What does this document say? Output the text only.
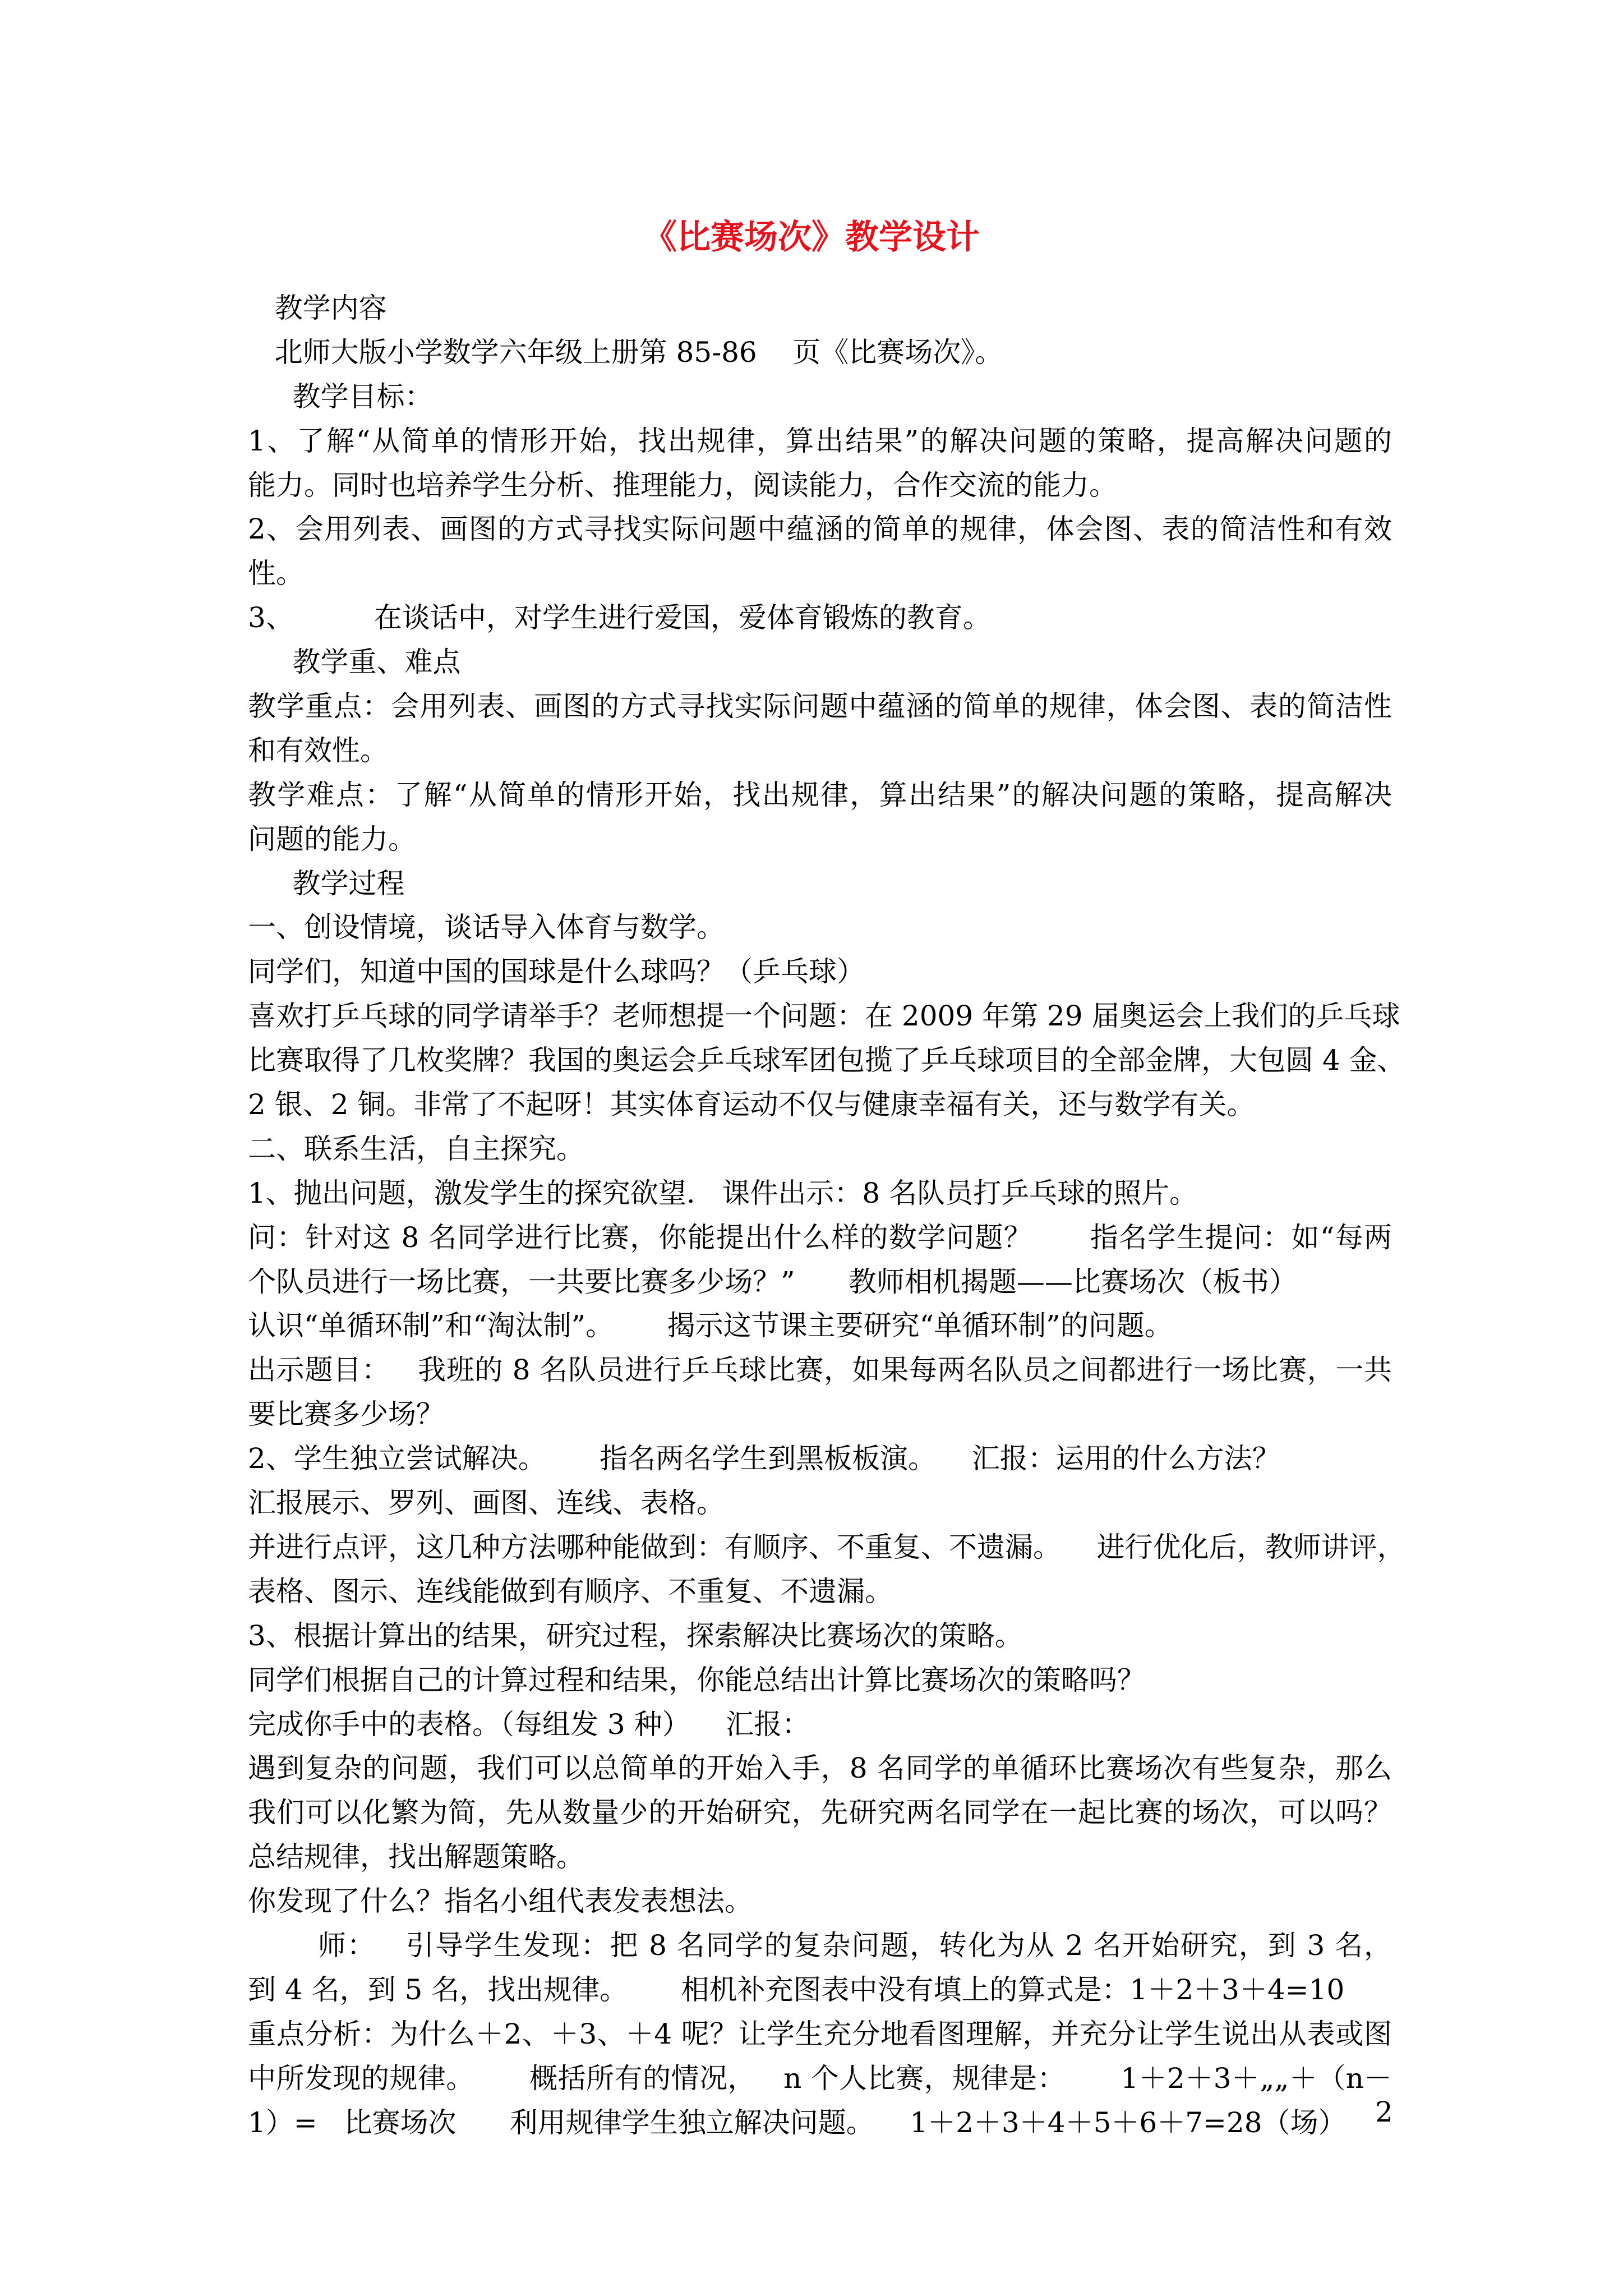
《比赛场次》教学设计
教学内容
北师大版小学数学六年级上册第 85-86    页《比赛场次》。
教学目标：
1、了解“从简单的情形开始，找出规律，算出结果”的解决问题的策略，提高解决问题的
能力。同时也培养学生分析、推理能力，阅读能力，合作交流的能力。
2、会用列表、画图的方式寻找实际问题中蕴涵的简单的规律，体会图、表的简洁性和有效
性。
3、         在谈话中，对学生进行爱国，爱体育锻炼的教育。
教学重、难点
教学重点：会用列表、画图的方式寻找实际问题中蕴涵的简单的规律，体会图、表的简洁性
和有效性。
教学难点：了解“从简单的情形开始，找出规律，算出结果”的解决问题的策略，提高解决
问题的能力。
教学过程
一、创设情境，谈话导入体育与数学。
同学们，知道中国的国球是什么球吗？（乒乓球）
喜欢打乒乓球的同学请举手？老师想提一个问题：在 2009 年第 29 届奥运会上我们的乒乓球
比赛取得了几枚奖牌？我国的奥运会乒乓球军团包揽了乒乓球项目的全部金牌，大包圆 4 金、
2 银、2 铜。非常了不起呀！其实体育运动不仅与健康幸福有关，还与数学有关。
二、联系生活，自主探究。
1、抛出问题，激发学生的探究欲望.   课件出示：8 名队员打乒乓球的照片。
问：针对这 8 名同学进行比赛，你能提出什么样的数学问题？      指名学生提问：如“每两
个队员进行一场比赛，一共要比赛多少场？”      教师相机揭题——比赛场次（板书）
认识“单循环制”和“淘汰制”。      揭示这节课主要研究“单循环制”的问题。
出示题目：   我班的 8 名队员进行乒乓球比赛，如果每两名队员之间都进行一场比赛，一共
要比赛多少场？
2、学生独立尝试解决。      指名两名学生到黑板板演。    汇报：运用的什么方法？
汇报展示、罗列、画图、连线、表格。
并进行点评，这几种方法哪种能做到：有顺序、不重复、不遗漏。    进行优化后，教师讲评，
表格、图示、连线能做到有顺序、不重复、不遗漏。
3、根据计算出的结果，研究过程，探索解决比赛场次的策略。
同学们根据自己的计算过程和结果，你能总结出计算比赛场次的策略吗？
完成你手中的表格。（每组发 3 种）    汇报：
遇到复杂的问题，我们可以总简单的开始入手，8 名同学的单循环比赛场次有些复杂，那么
我们可以化繁为简，先从数量少的开始研究，先研究两名同学在一起比赛的场次，可以吗？
总结规律，找出解题策略。
你发现了什么？指名小组代表发表想法。
师：   引导学生发现：把 8 名同学的复杂问题，转化为从 2 名开始研究，到 3 名，
到 4 名，到 5 名，找出规律。      相机补充图表中没有填上的算式是：1＋2＋3＋4=10
重点分析：为什么＋2、＋3、＋4 呢？让学生充分地看图理解，并充分让学生说出从表或图
中所发现的规律。      概括所有的情况，   n 个人比赛，规律是：      1＋2＋3＋„„＋（n－
1）=   比赛场次      利用规律学生独立解决问题。    1＋2＋3＋4＋5＋6＋7=28（场）	2
